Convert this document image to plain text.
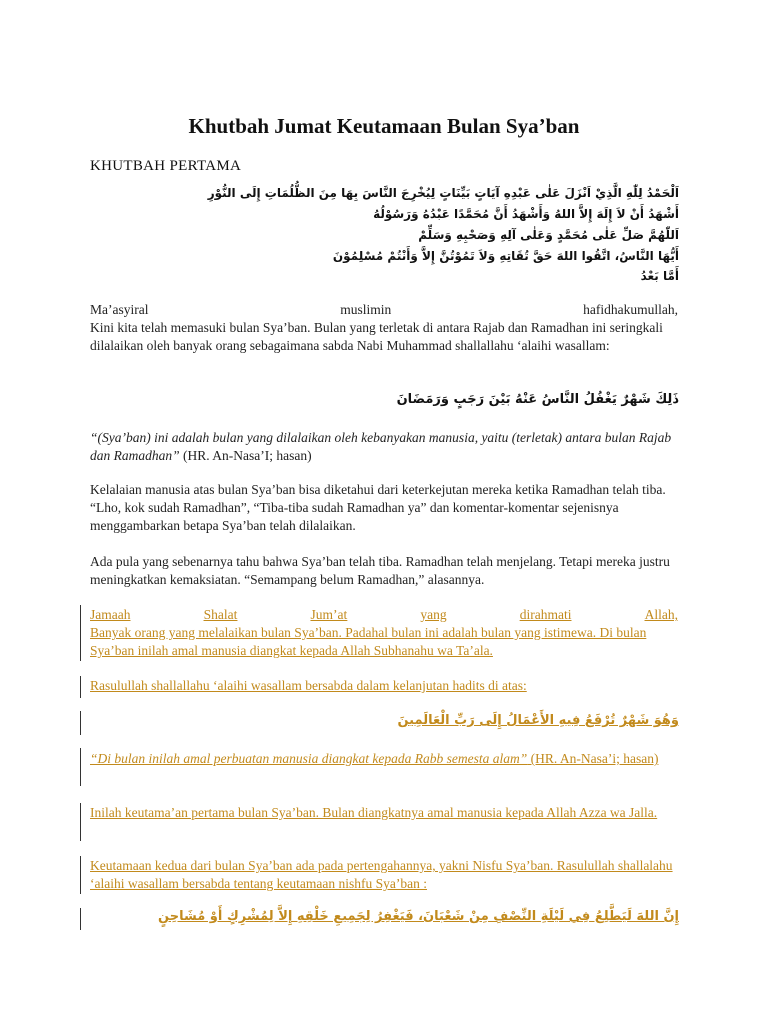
Khutbah Jumat Keutamaan Bulan Sya’ban
KHUTBAH PERTAMA
اَلْحَمْدُ لِلّٰهِ الَّذِيْ اَنْزَلَ عَلٰى عَبْدِهِ آيَاتٍ بَيِّنَاتٍ لِيُخْرِجَ النَّاسَ بِهَا مِنَ الظُّلُمَاتِ إِلَى النُّوْرِ
أَشْهَدُ أَنْ لاَ إِلَهَ إِلاَّ اللهُ وَأَشْهَدُ أَنَّ مُحَمَّدًا عَبْدُهُ وَرَسُوْلُهُ
اَللّٰهُمَّ صَلِّ عَلٰى مُحَمَّدٍ وَعَلٰى آلِهِ وَصَحْبِهِ وَسَلِّمْ
أَيُّهَا النَّاسُ، اتَّقُوا اللهَ حَقَّ تُقَاتِهِ وَلاَ تَمُوْتُنَّ إِلاَّ وَأَنْتُمْ مُسْلِمُوْنَ
أَمَّا بَعْدُ
Ma’asyiral	muslimin	hafidhakumullah,
Kini kita telah memasuki bulan Sya’ban. Bulan yang terletak di antara Rajab dan Ramadhan ini seringkali dilalaikan oleh banyak orang sebagaimana sabda Nabi Muhammad shallallahu ‘alaihi wasallam:
ذَلِكَ شَهْرٌ يَغْفُلُ النَّاسُ عَنْهُ بَيْنَ رَجَبٍ وَرَمَضَانَ
“(Sya’ban) ini adalah bulan yang dilalaikan oleh kebanyakan manusia, yaitu (terletak) antara bulan Rajab dan Ramadhan” (HR. An-Nasa’I; hasan)
Kelalaian manusia atas bulan Sya’ban bisa diketahui dari keterkejutan mereka ketika Ramadhan telah tiba. “Lho, kok sudah Ramadhan”, “Tiba-tiba sudah Ramadhan ya” dan komentar-komentar sejenisnya menggambarkan betapa Sya’ban telah dilalaikan.
Ada pula yang sebenarnya tahu bahwa Sya’ban telah tiba. Ramadhan telah menjelang. Tetapi mereka justru meningkatkan kemaksiatan. “Semampang belum Ramadhan,” alasannya.
Jamaah	Shalat	Jum’at	yang	dirahmati	Allah,
Banyak orang yang melalaikan bulan Sya’ban. Padahal bulan ini adalah bulan yang istimewa. Di bulan Sya’ban inilah amal manusia diangkat kepada Allah Subhanahu wa Ta’ala.
Rasulullah shallallahu ‘alaihi wasallam bersabda dalam kelanjutan hadits di atas:
وَهُوَ شَهْرٌ تُرْفَعُ فِيهِ الأَعْمَالُ إِلَى رَبِّ الْعَالَمِينَ
“Di bulan inilah amal perbuatan manusia diangkat kepada Rabb semesta alam” (HR. An-Nasa’i; hasan)
Inilah keutama’an pertama bulan Sya’ban. Bulan diangkatnya amal manusia kepada Allah Azza wa Jalla.
Keutamaan kedua dari bulan Sya’ban ada pada pertengahannya, yakni Nisfu Sya’ban. Rasulullah shallalahu ‘alaihi wasallam bersabda tentang keutamaan nishfu Sya’ban :
إِنَّ اللهَ لَيَطَّلِعُ فِي لَيْلَةِ النِّصْفِ مِنْ شَعْبَانَ، فَيَغْفِرُ لِجَمِيعِ خَلْقِهِ إِلاَّ لِمُشْرِكٍ أَوْ مُشَاحِنٍ
